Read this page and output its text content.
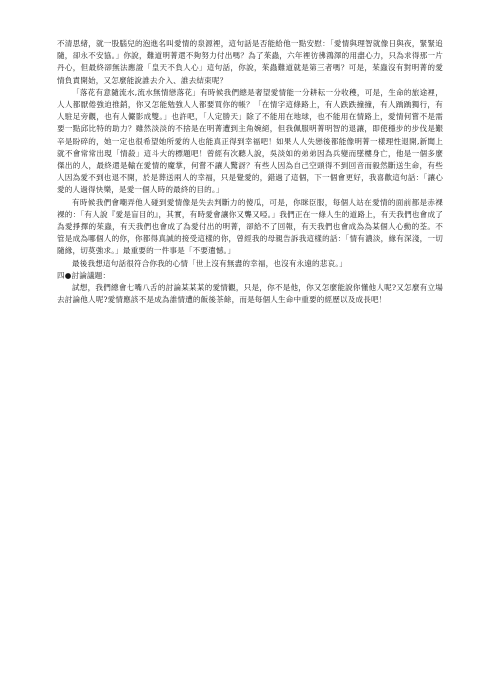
不清思緒，就一股腦兒的泡進名叫愛情的泉源裡，這句話是否能給他一點安慰：「愛情與理智就像日與夜，緊緊追隨，卻永不安協。」你說，難道明菁還不夠努力付出嗎？為了茱蟲，六年裡彷彿鴻澤的用盡心力，只為求得那一片丹心，但最終卻無法應證「皇天不負人心」這句話，你說，茱蟲難道就是第三者嗎？可是，茱蟲沒有對明菁的愛情負責開始，又怎麼能說誰去介入、誰去結束呢？

「落花有意隨流水,流水無情戀落花」有時候我們總是奢望愛情能一分耕耘一分收穫，可是，生命的旅途裡，人人都厭倦強迫推銷，你又怎能勉強人人都要買你的帳？「在情字這條路上，有人跌跌撞撞，有人踽踽獨行，有人駐足旁觀，也有人儼影成雙。」也許吧，「人定勝天」除了不能用在地球，也不能用在情路上，愛情何嘗不是需要一點邱比特的助力？雖然淡淡的不捨是在明菁遭到主角婉絕，但我佩服明菁明智的退讓，即使穩步的步伐是艱辛是盼碎的，她一定也很希望她所愛的人也能真正得到幸福吧！如果人人失戀後都能像明菁一樣理性退開,新聞上就不會常常出現「情殺」這斗大的標題吧！曾經有次聽人說，吳淡如的弟弟因為兵變而墜樓身亡，他是一個多麼傑出的人，最終還是輸在愛情的魔掌，何嘗不讓人驚訝？有些人因為自己空頭得不到回音而毅然斷送生命，有些人因為愛不到也退不開，於是葬送兩人的幸福，只是覺愛的，錯過了這個，下一個會更好，我喜歡這句話：「讓心愛的人過得快樂，是愛一個人時的最終的目的。」

有時候我們會嘲弄他人碰到愛情像是失去判斷力的傻瓜，可是，你眯臣服，每個人站在愛情的面前都是赤裸裸的：「有人說『愛是盲目的』，其實，有時愛會讓你又聾又啞。」我們正在一條人生的道路上，有天我們也會成了為愛掙擇的茱蟲，有天我們也會成了為愛付出的明菁，卻給不了回報，有天我們也會成為為某個人心動的荃。不管是成為哪個人的你，你都得真誠的接受這樣的你，曾經我的母親告訴我這樣的話：「情有濃淡，緣有深淺，一切隨緣，切莫強求。」最重要的一件事是「不要遺憾。」

最後我想這句話很符合你我的心情「世上沒有無盡的幸福，也沒有永遠的悲哀。」

四●討論議題：

試想，我們總會七嘴八舌的討論某某某的愛情觀，只是，你不是他，你又怎麼能說你懂他人呢?又怎麼有立場去討論他人呢?愛情應該不是成為誰情遭的飯後茶餘，而是每個人生命中重要的經歷以及成長吧！
